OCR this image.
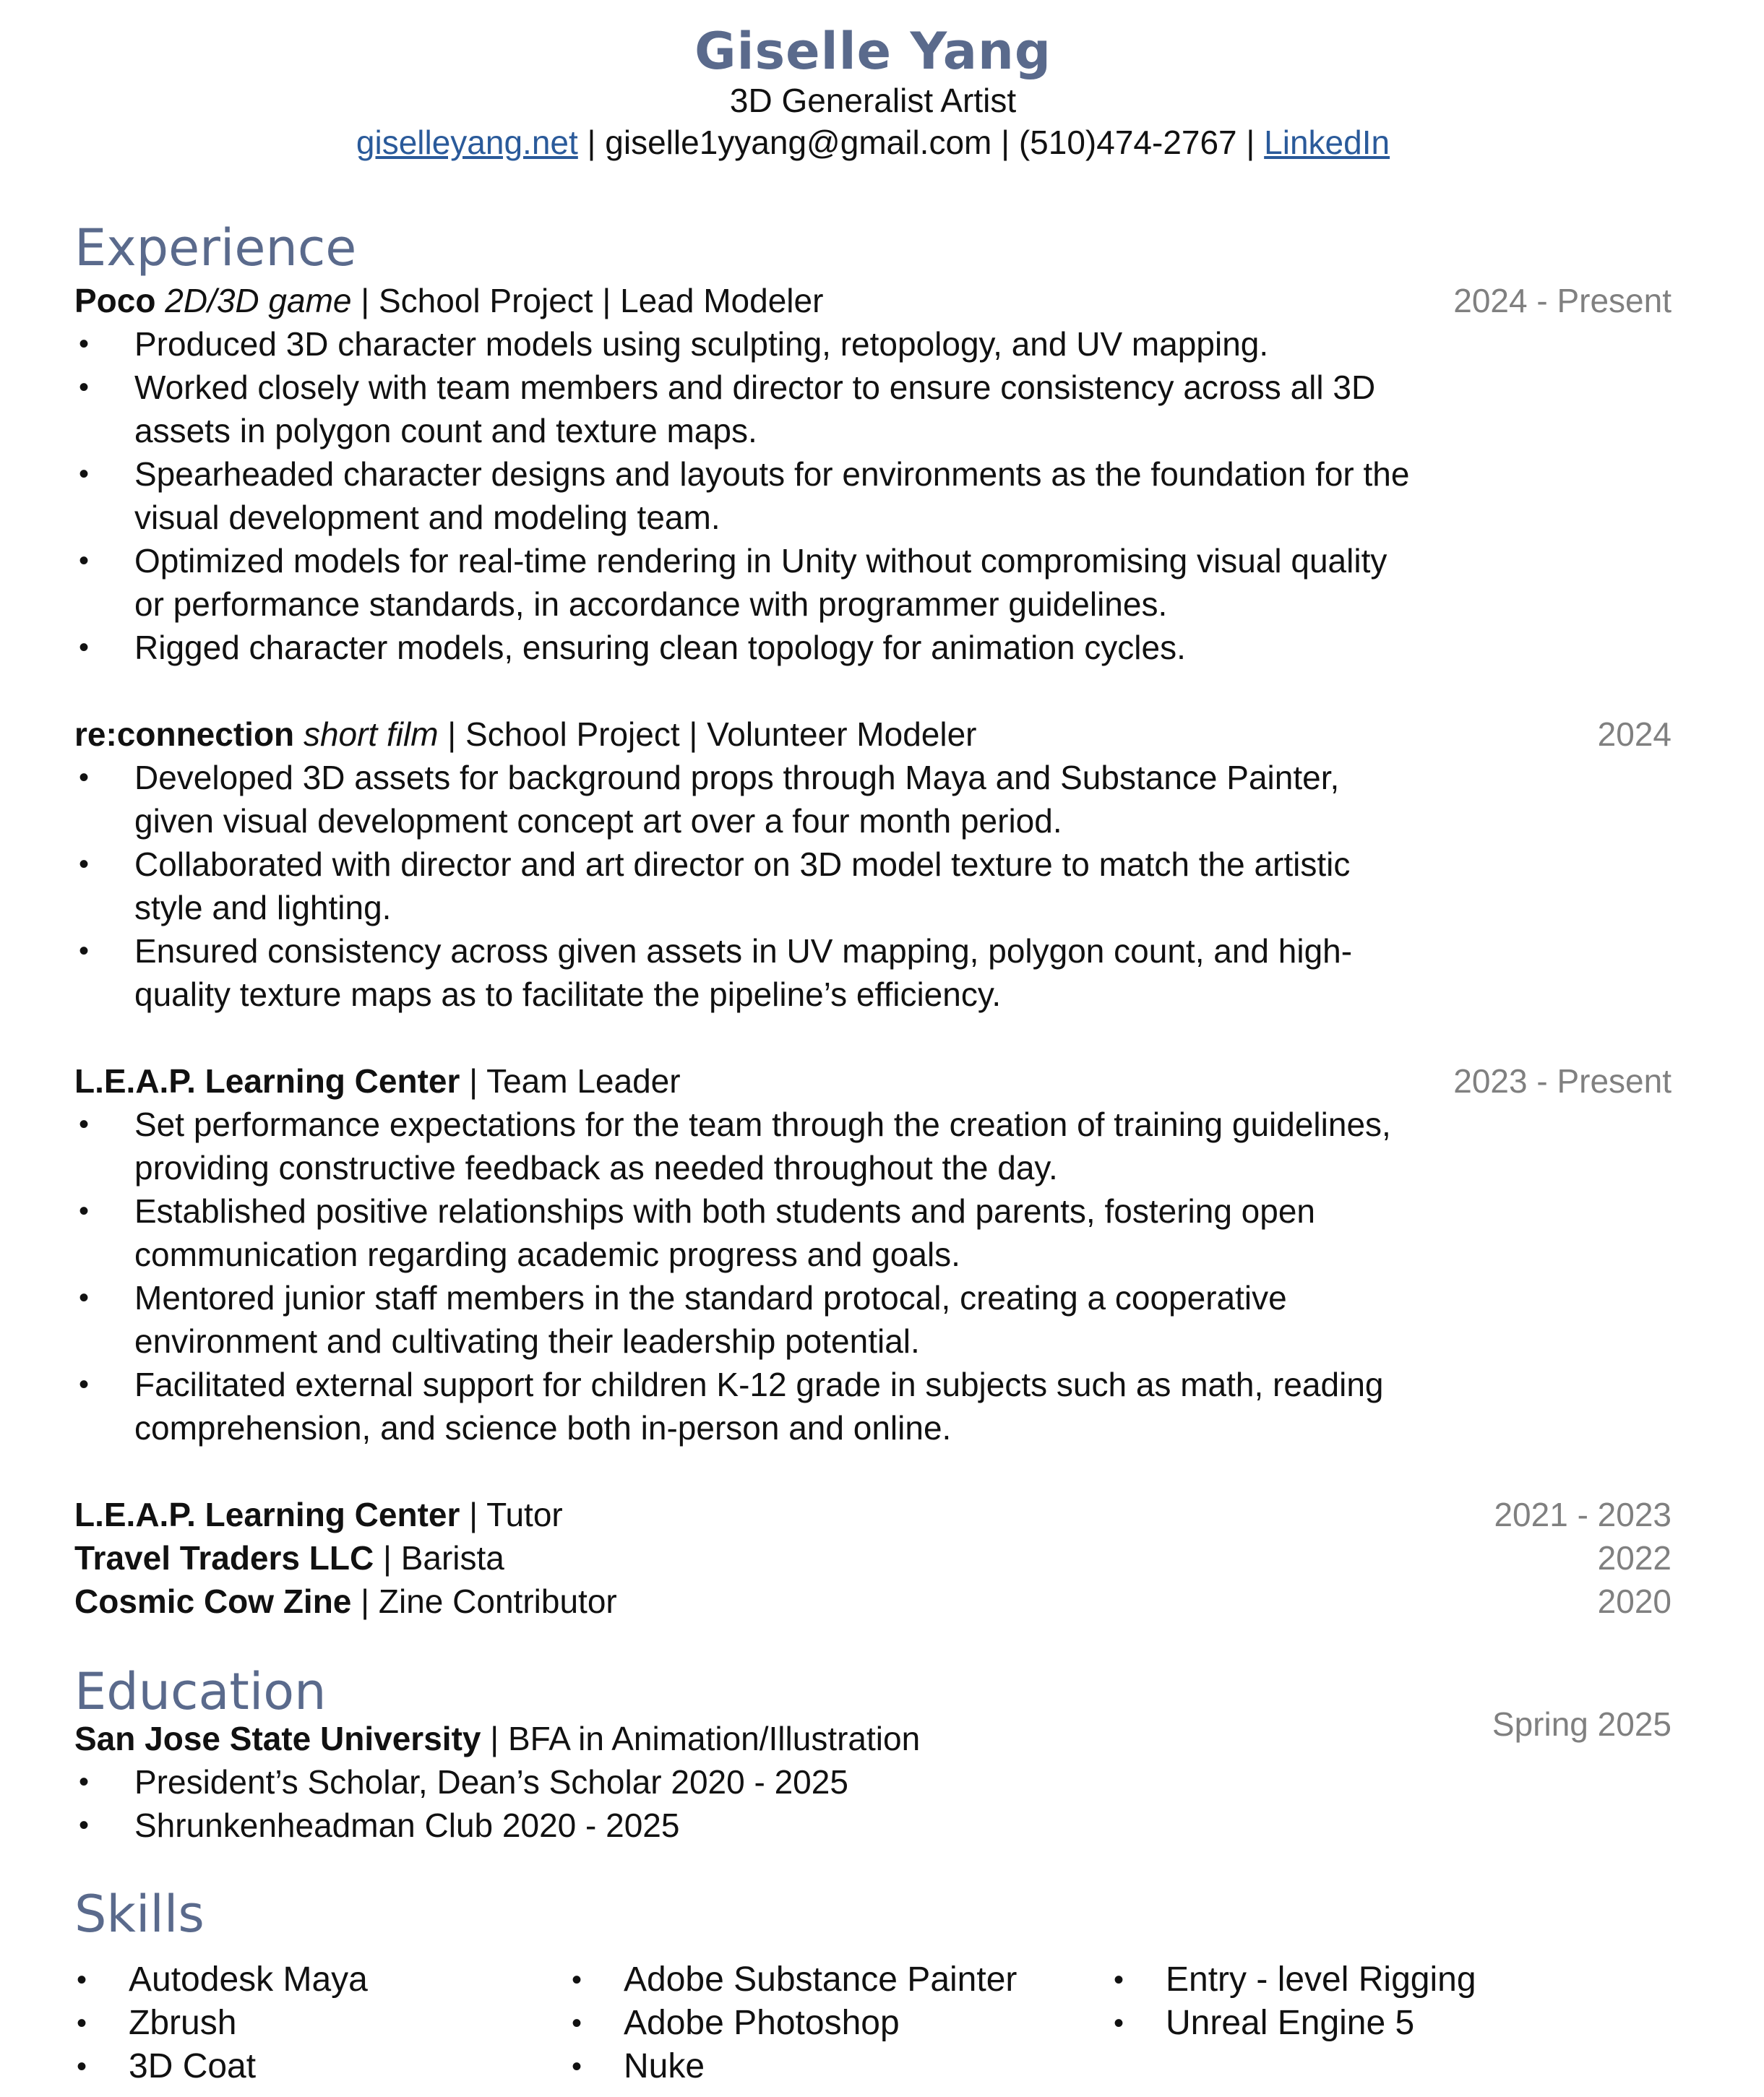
Giselle Yang
3D Generalist Artist
giselleyang.net | giselle1yyang@gmail.com | (510)474-2767 | LinkedIn
Experience
Poco 2D/3D game | School Project | Lead Modeler	2024 - Present
• Produced 3D character models using sculpting, retopology, and UV mapping.
• Worked closely with team members and director to ensure consistency across all 3D assets in polygon count and texture maps.
• Spearheaded character designs and layouts for environments as the foundation for the visual development and modeling team.
• Optimized models for real-time rendering in Unity without compromising visual quality or performance standards, in accordance with programmer guidelines.
• Rigged character models, ensuring clean topology for animation cycles.
re:connection short film | School Project | Volunteer Modeler	2024
• Developed 3D assets for background props through Maya and Substance Painter, given visual development concept art over a four month period.
• Collaborated with director and art director on 3D model texture to match the artistic style and lighting.
• Ensured consistency across given assets in UV mapping, polygon count, and high-quality texture maps as to facilitate the pipeline’s efficiency.
L.E.A.P. Learning Center | Team Leader	2023 - Present
• Set performance expectations for the team through the creation of training guidelines, providing constructive feedback as needed throughout the day.
• Established positive relationships with both students and parents, fostering open communication regarding academic progress and goals.
• Mentored junior staff members in the standard protocal, creating a cooperative environment and cultivating their leadership potential.
• Facilitated external support for children K-12 grade in subjects such as math, reading comprehension, and science both in-person and online.
L.E.A.P. Learning Center | Tutor	2021 - 2023
Travel Traders LLC | Barista	2022
Cosmic Cow Zine | Zine Contributor	2020
Education
San Jose State University | BFA in Animation/Illustration	Spring 2025
• President’s Scholar, Dean’s Scholar 2020 - 2025
• Shrunkenheadman Club 2020 - 2025
Skills
• Autodesk Maya
• Zbrush
• 3D Coat
• Adobe Substance Painter
• Adobe Photoshop
• Nuke
• Entry - level Rigging
• Unreal Engine 5
